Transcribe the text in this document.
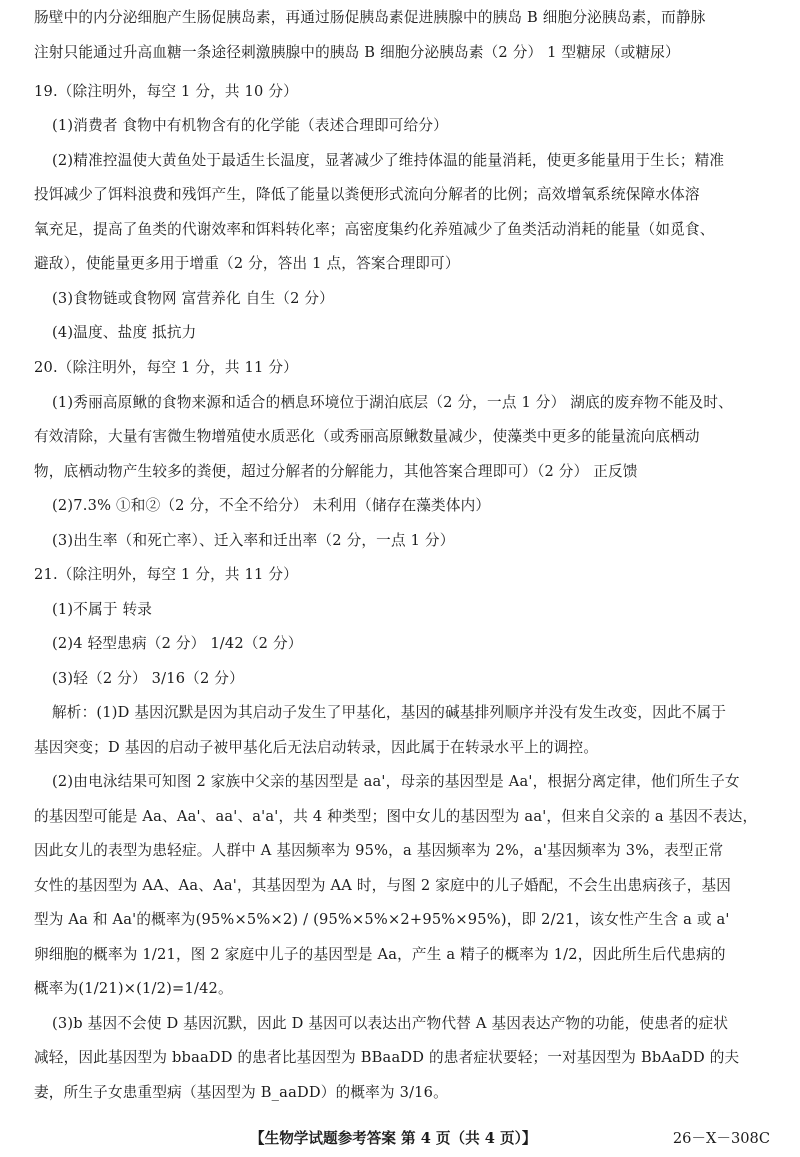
肠壁中的内分泌细胞产生肠促胰岛素，再通过肠促胰岛素促进胰腺中的胰岛 B 细胞分泌胰岛素，而静脉
注射只能通过升高血糖一条途径刺激胰腺中的胰岛 B 细胞分泌胰岛素（2 分） 1 型糖尿（或糖尿）
19.（除注明外，每空 1 分，共 10 分）
(1)消费者 食物中有机物含有的化学能（表述合理即可给分）
(2)精准控温使大黄鱼处于最适生长温度，显著减少了维持体温的能量消耗，使更多能量用于生长；精准
投饵减少了饵料浪费和残饵产生，降低了能量以粪便形式流向分解者的比例；高效增氧系统保障水体溶
氧充足，提高了鱼类的代谢效率和饵料转化率；高密度集约化养殖减少了鱼类活动消耗的能量（如觅食、
避敌），使能量更多用于增重（2 分，答出 1 点，答案合理即可）
(3)食物链或食物网 富营养化 自生（2 分）
(4)温度、盐度 抵抗力
20.（除注明外，每空 1 分，共 11 分）
(1)秀丽高原鳅的食物来源和适合的栖息环境位于湖泊底层（2 分，一点 1 分） 湖底的废弃物不能及时、
有效清除，大量有害微生物增殖使水质恶化（或秀丽高原鳅数量减少，使藻类中更多的能量流向底栖动
物，底栖动物产生较多的粪便，超过分解者的分解能力，其他答案合理即可）（2 分） 正反馈
(2)7.3% ①和②（2 分，不全不给分） 未利用（储存在藻类体内）
(3)出生率（和死亡率）、迁入率和迁出率（2 分，一点 1 分）
21.（除注明外，每空 1 分，共 11 分）
(1)不属于 转录
(2)4 轻型患病（2 分） 1/42（2 分）
(3)轻（2 分） 3/16（2 分）
解析：(1)D 基因沉默是因为其启动子发生了甲基化，基因的碱基排列顺序并没有发生改变，因此不属于
基因突变；D 基因的启动子被甲基化后无法启动转录，因此属于在转录水平上的调控。
(2)由电泳结果可知图 2 家族中父亲的基因型是 aa'，母亲的基因型是 Aa'，根据分离定律，他们所生子女
的基因型可能是 Aa、Aa'、aa'、a'a'，共 4 种类型；图中女儿的基因型为 aa'，但来自父亲的 a 基因不表达，
因此女儿的表型为患轻症。人群中 A 基因频率为 95%，a 基因频率为 2%，a'基因频率为 3%，表型正常
女性的基因型为 AA、Aa、Aa'，其基因型为 AA 时，与图 2 家庭中的儿子婚配，不会生出患病孩子，基因
型为 Aa 和 Aa'的概率为(95%×5%×2) / (95%×5%×2+95%×95%)，即 2/21，该女性产生含 a 或 a'
卵细胞的概率为 1/21，图 2 家庭中儿子的基因型是 Aa，产生 a 精子的概率为 1/2，因此所生后代患病的
概率为(1/21)×(1/2)=1/42。
(3)b 基因不会使 D 基因沉默，因此 D 基因可以表达出产物代替 A 基因表达产物的功能，使患者的症状
减轻，因此基因型为 bbaaDD 的患者比基因型为 BBaaDD 的患者症状要轻；一对基因型为 BbAaDD 的夫
妻，所生子女患重型病（基因型为 B_aaDD）的概率为 3/16。
【生物学试题参考答案 第 4 页（共 4 页）】	26－X－308C
